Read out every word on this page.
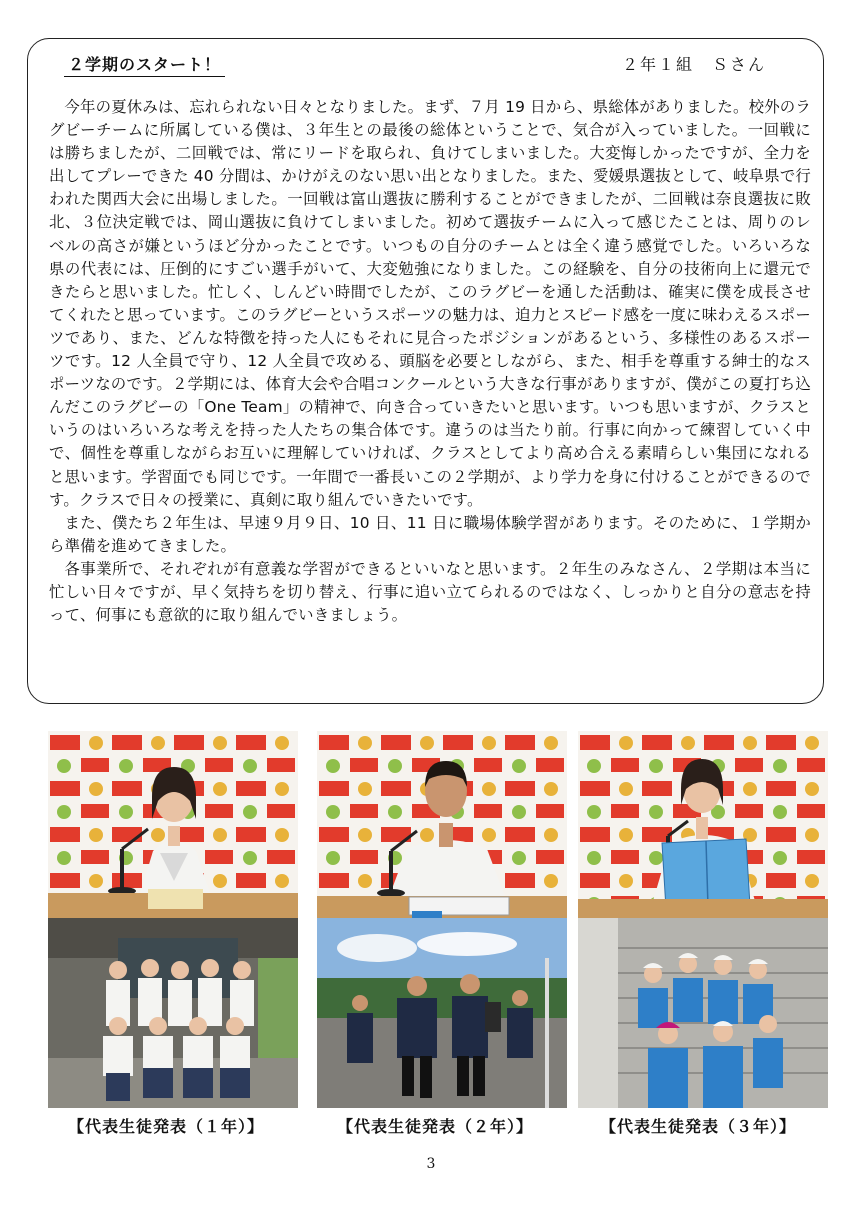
２学期のスタート！	２年１組　Ｓさん

今年の夏休みは、忘れられない日々となりました。まず、７月 19 日から、県総体がありました。校外のラグビーチームに所属している僕は、３年生との最後の総体ということで、気合が入っていました。一回戦には勝ちましたが、二回戦では、常にリードを取られ、負けてしまいました。大変悔しかったですが、全力を出してプレーできた 40 分間は、かけがえのない思い出となりました。また、愛媛県選抜として、岐阜県で行われた関西大会に出場しました。一回戦は富山選抜に勝利することができましたが、二回戦は奈良選抜に敗北、３位決定戦では、岡山選抜に負けてしまいました。初めて選抜チームに入って感じたことは、周りのレベルの高さが嫌というほど分かったことです。いつもの自分のチームとは全く違う感覚でした。いろいろな県の代表には、圧倒的にすごい選手がいて、大変勉強になりました。この経験を、自分の技術向上に還元できたらと思いました。忙しく、しんどい時間でしたが、このラグビーを通した活動は、確実に僕を成長させてくれたと思っています。このラグビーというスポーツの魅力は、迫力とスピード感を一度に味わえるスポーツであり、また、どんな特徴を持った人にもそれに見合ったポジションがあるという、多様性のあるスポーツです。12 人全員で守り、12 人全員で攻める、頭脳を必要としながら、また、相手を尊重する紳士的なスポーツなのです。２学期には、体育大会や合唱コンクールという大きな行事がありますが、僕がこの夏打ち込んだこのラグビーの「One Team」の精神で、向き合っていきたいと思います。いつも思いますが、クラスというのはいろいろな考えを持った人たちの集合体です。違うのは当たり前。行事に向かって練習していく中で、個性を尊重しながらお互いに理解していければ、クラスとしてより高め合える素晴らしい集団になれると思います。学習面でも同じです。一年間で一番長いこの２学期が、より学力を身に付けることができるのです。クラスで日々の授業に、真剣に取り組んでいきたいです。

また、僕たち２年生は、早速９月９日、10 日、11 日に職場体験学習があります。そのために、１学期から準備を進めてきました。

各事業所で、それぞれが有意義な学習ができるといいなと思います。２年生のみなさん、２学期は本当に忙しい日々ですが、早く気持ちを切り替え、行事に追い立てられるのではなく、しっかりと自分の意志を持って、何事にも意欲的に取り組んでいきましょう。

【代表生徒発表（１年）】	【代表生徒発表（２年）】	【代表生徒発表（３年）】
3
